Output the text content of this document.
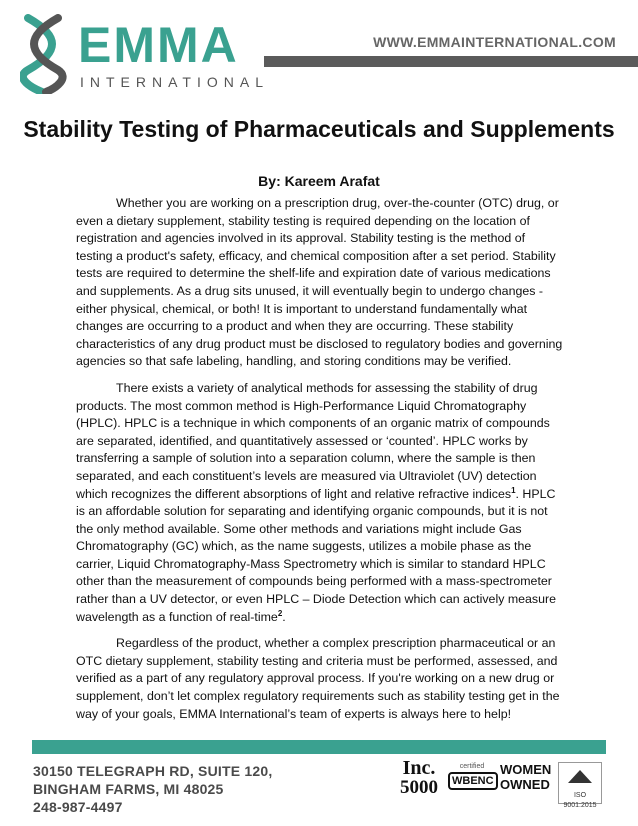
EMMA
INTERNATIONAL
WWW.EMMAINTERNATIONAL.COM
Stability Testing of Pharmaceuticals and Supplements
By: Kareem Arafat

Whether you are working on a prescription drug, over-the-counter (OTC) drug, or even a dietary supplement, stability testing is required depending on the location of registration and agencies involved in its approval. Stability testing is the method of testing a product's safety, efficacy, and chemical composition after a set period. Stability tests are required to determine the shelf-life and expiration date of various medications and supplements. As a drug sits unused, it will eventually begin to undergo changes - either physical, chemical, or both! It is important to understand fundamentally what changes are occurring to a product and when they are occurring. These stability characteristics of any drug product must be disclosed to regulatory bodies and governing agencies so that safe labeling, handling, and storing conditions may be verified.

There exists a variety of analytical methods for assessing the stability of drug products. The most common method is High-Performance Liquid Chromatography (HPLC). HPLC is a technique in which components of an organic matrix of compounds are separated, identified, and quantitatively assessed or ‘counted’. HPLC works by transferring a sample of solution into a separation column, where the sample is then separated, and each constituent’s levels are measured via Ultraviolet (UV) detection which recognizes the different absorptions of light and relative refractive indices$^1$. HPLC is an affordable solution for separating and identifying organic compounds, but it is not the only method available. Some other methods and variations might include Gas Chromatography (GC) which, as the name suggests, utilizes a mobile phase as the carrier, Liquid Chromatography-Mass Spectrometry which is similar to standard HPLC other than the measurement of compounds being performed with a mass-spectrometer rather than a UV detector, or even HPLC – Diode Detection which can actively measure wavelength as a function of real-time$^2$.

Regardless of the product, whether a complex prescription pharmaceutical or an OTC dietary supplement, stability testing and criteria must be performed, assessed, and verified as a part of any regulatory approval process. If you're working on a new drug or supplement, don’t let complex regulatory requirements such as stability testing get in the way of your goals, EMMA International’s team of experts is always here to help!

30150 TELEGRAPH RD, SUITE 120,
BINGHAM FARMS, MI 48025
248-987-4497
Inc.
5000
certified
WBENC
WOMEN
OWNED
ISO 9001:2015
